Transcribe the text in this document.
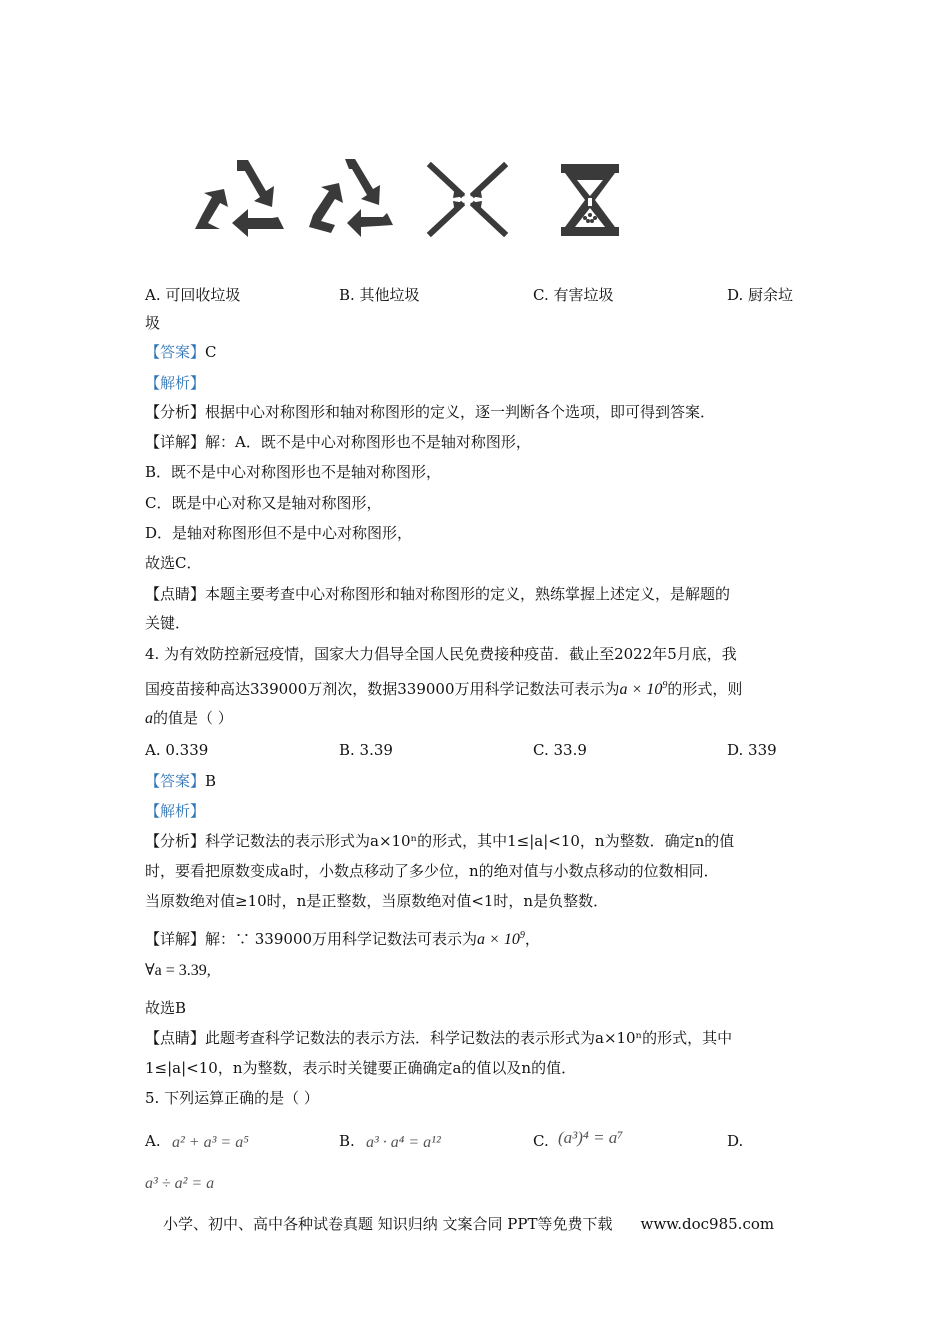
A. 可回收垃圾	B. 其他垃圾	C. 有害垃圾	D. 厨余垃
圾
【答案】C
【解析】
【分析】根据中心对称图形和轴对称图形的定义，逐一判断各个选项，即可得到答案．
【详解】解：A．既不是中心对称图形也不是轴对称图形，
B．既不是中心对称图形也不是轴对称图形，
C．既是中心对称又是轴对称图形，
D．是轴对称图形但不是中心对称图形，
故选C．
【点睛】本题主要考查中心对称图形和轴对称图形的定义，熟练掌握上述定义，是解题的
关键．
4. 为有效防控新冠疫情，国家大力倡导全国人民免费接种疫苗．截止至2022年5月底，我
国疫苗接种高达339000万剂次，数据339000万用科学记数法可表示为$a \times 10^9$的形式，则
a的值是（ ）
A. 0.339	B. 3.39	C. 33.9	D. 339
【答案】B
【解析】
【分析】科学记数法的表示形式为a×10ⁿ的形式，其中1≤|a|<10，n为整数．确定n的值
时，要看把原数变成a时，小数点移动了多少位，n的绝对值与小数点移动的位数相同．
当原数绝对值≥10时，n是正整数，当原数绝对值<1时，n是负整数．
【详解】解：∵ 339000万用科学记数法可表示为$a \times 10^9$，
∀a = 3.39,
故选B
【点睛】此题考查科学记数法的表示方法．科学记数法的表示形式为a×10ⁿ的形式，其中
1≤|a|<10，n为整数，表示时关键要正确确定a的值以及n的值．
5. 下列运算正确的是（ ）
A. a² + a³ = a⁵	B. a³ · a⁴ = a¹²	C. (a³)⁴ = a⁷	D.
a³ ÷ a² = a
小学、初中、高中各种试卷真题 知识归纳 文案合同 PPT等免费下载 www.doc985.com
